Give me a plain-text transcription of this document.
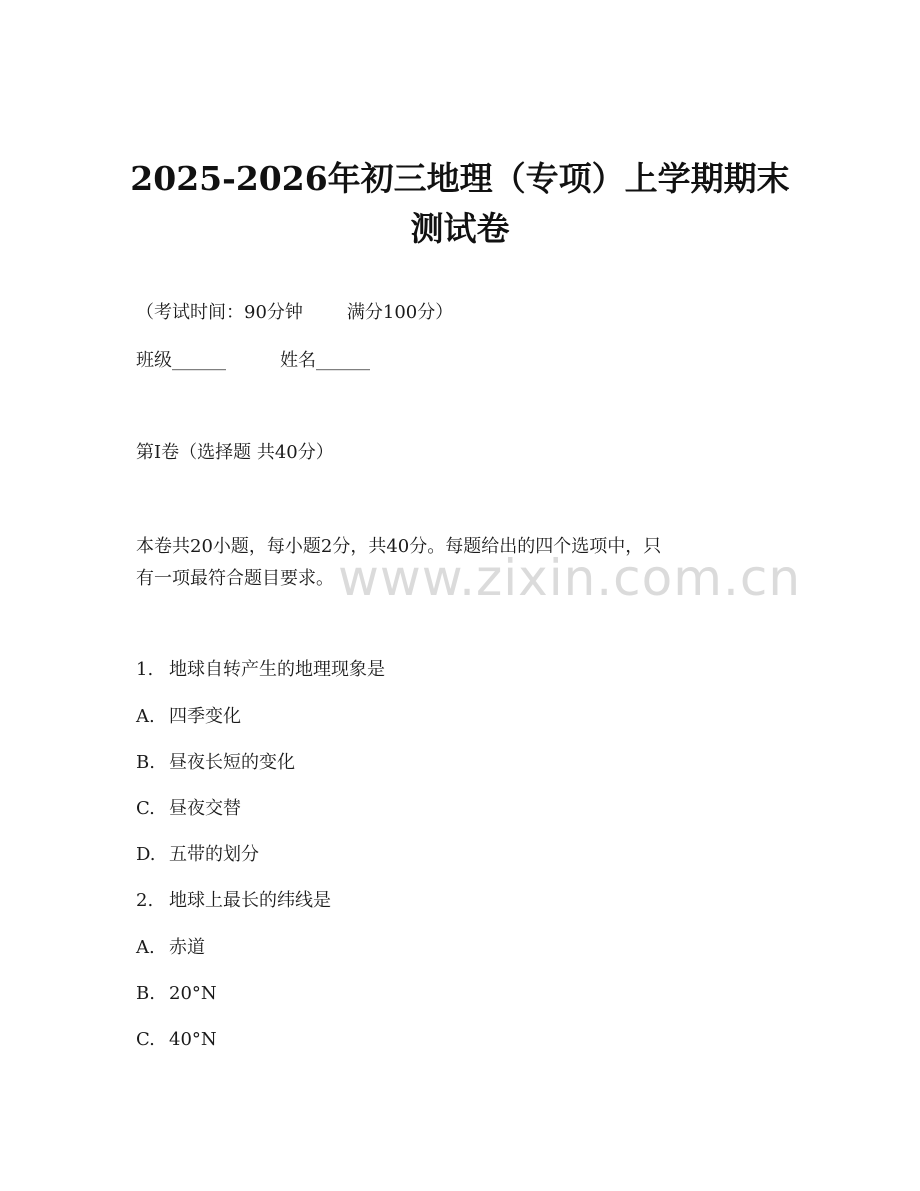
2025-2026年初三地理（专项）上学期期末
测试卷
（考试时间：90分钟 满分100分）
班级______	姓名______
第I卷（选择题 共40分）
本卷共20小题，每小题2分，共40分。每题给出的四个选项中，只
有一项最符合题目要求。 www.zixin.com.cn
1. 地球自转产生的地理现象是
A. 四季变化
B. 昼夜长短的变化
C. 昼夜交替
D. 五带的划分
2. 地球上最长的纬线是
A. 赤道
B. 20°N
C. 40°N
